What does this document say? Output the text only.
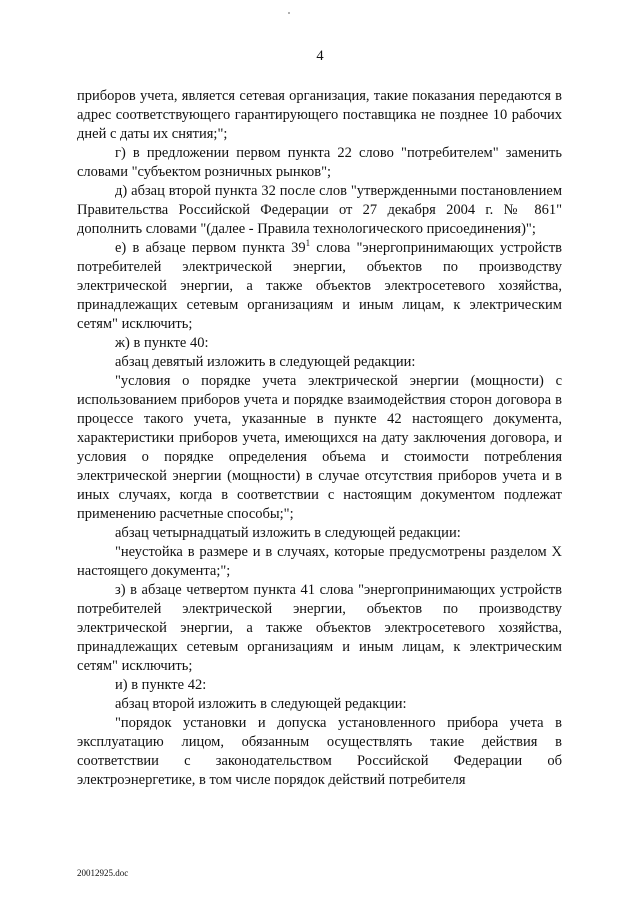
4

приборов учета, является сетевая организация, такие показания передаются в адрес соответствующего гарантирующего поставщика не позднее 10 рабочих дней с даты их снятия;";

г) в предложении первом пункта 22 слово "потребителем" заменить словами "субъектом розничных рынков";

д) абзац второй пункта 32 после слов "утвержденными постановлением Правительства Российской Федерации от 27 декабря 2004 г. № 861" дополнить словами "(далее - Правила технологического присоединения)";

е) в абзаце первом пункта $39^1$ слова "энергопринимающих устройств потребителей электрической энергии, объектов по производству электрической энергии, а также объектов электросетевого хозяйства, принадлежащих сетевым организациям и иным лицам, к электрическим сетям" исключить;

ж) в пункте 40:

абзац девятый изложить в следующей редакции:

"условия о порядке учета электрической энергии (мощности) с использованием приборов учета и порядке взаимодействия сторон договора в процессе такого учета, указанные в пункте 42 настоящего документа, характеристики приборов учета, имеющихся на дату заключения договора, и условия о порядке определения объема и стоимости потребления электрической энергии (мощности) в случае отсутствия приборов учета и в иных случаях, когда в соответствии с настоящим документом подлежат применению расчетные способы;";

абзац четырнадцатый изложить в следующей редакции:

"неустойка в размере и в случаях, которые предусмотрены разделом X настоящего документа;";

з) в абзаце четвертом пункта 41 слова "энергопринимающих устройств потребителей электрической энергии, объектов по производству электрической энергии, а также объектов электросетевого хозяйства, принадлежащих сетевым организациям и иным лицам, к электрическим сетям" исключить;

и) в пункте 42:

абзац второй изложить в следующей редакции:

"порядок установки и допуска установленного прибора учета в эксплуатацию лицом, обязанным осуществлять такие действия в соответствии с законодательством Российской Федерации об электроэнергетике, в том числе порядок действий потребителя

20012925.doc
